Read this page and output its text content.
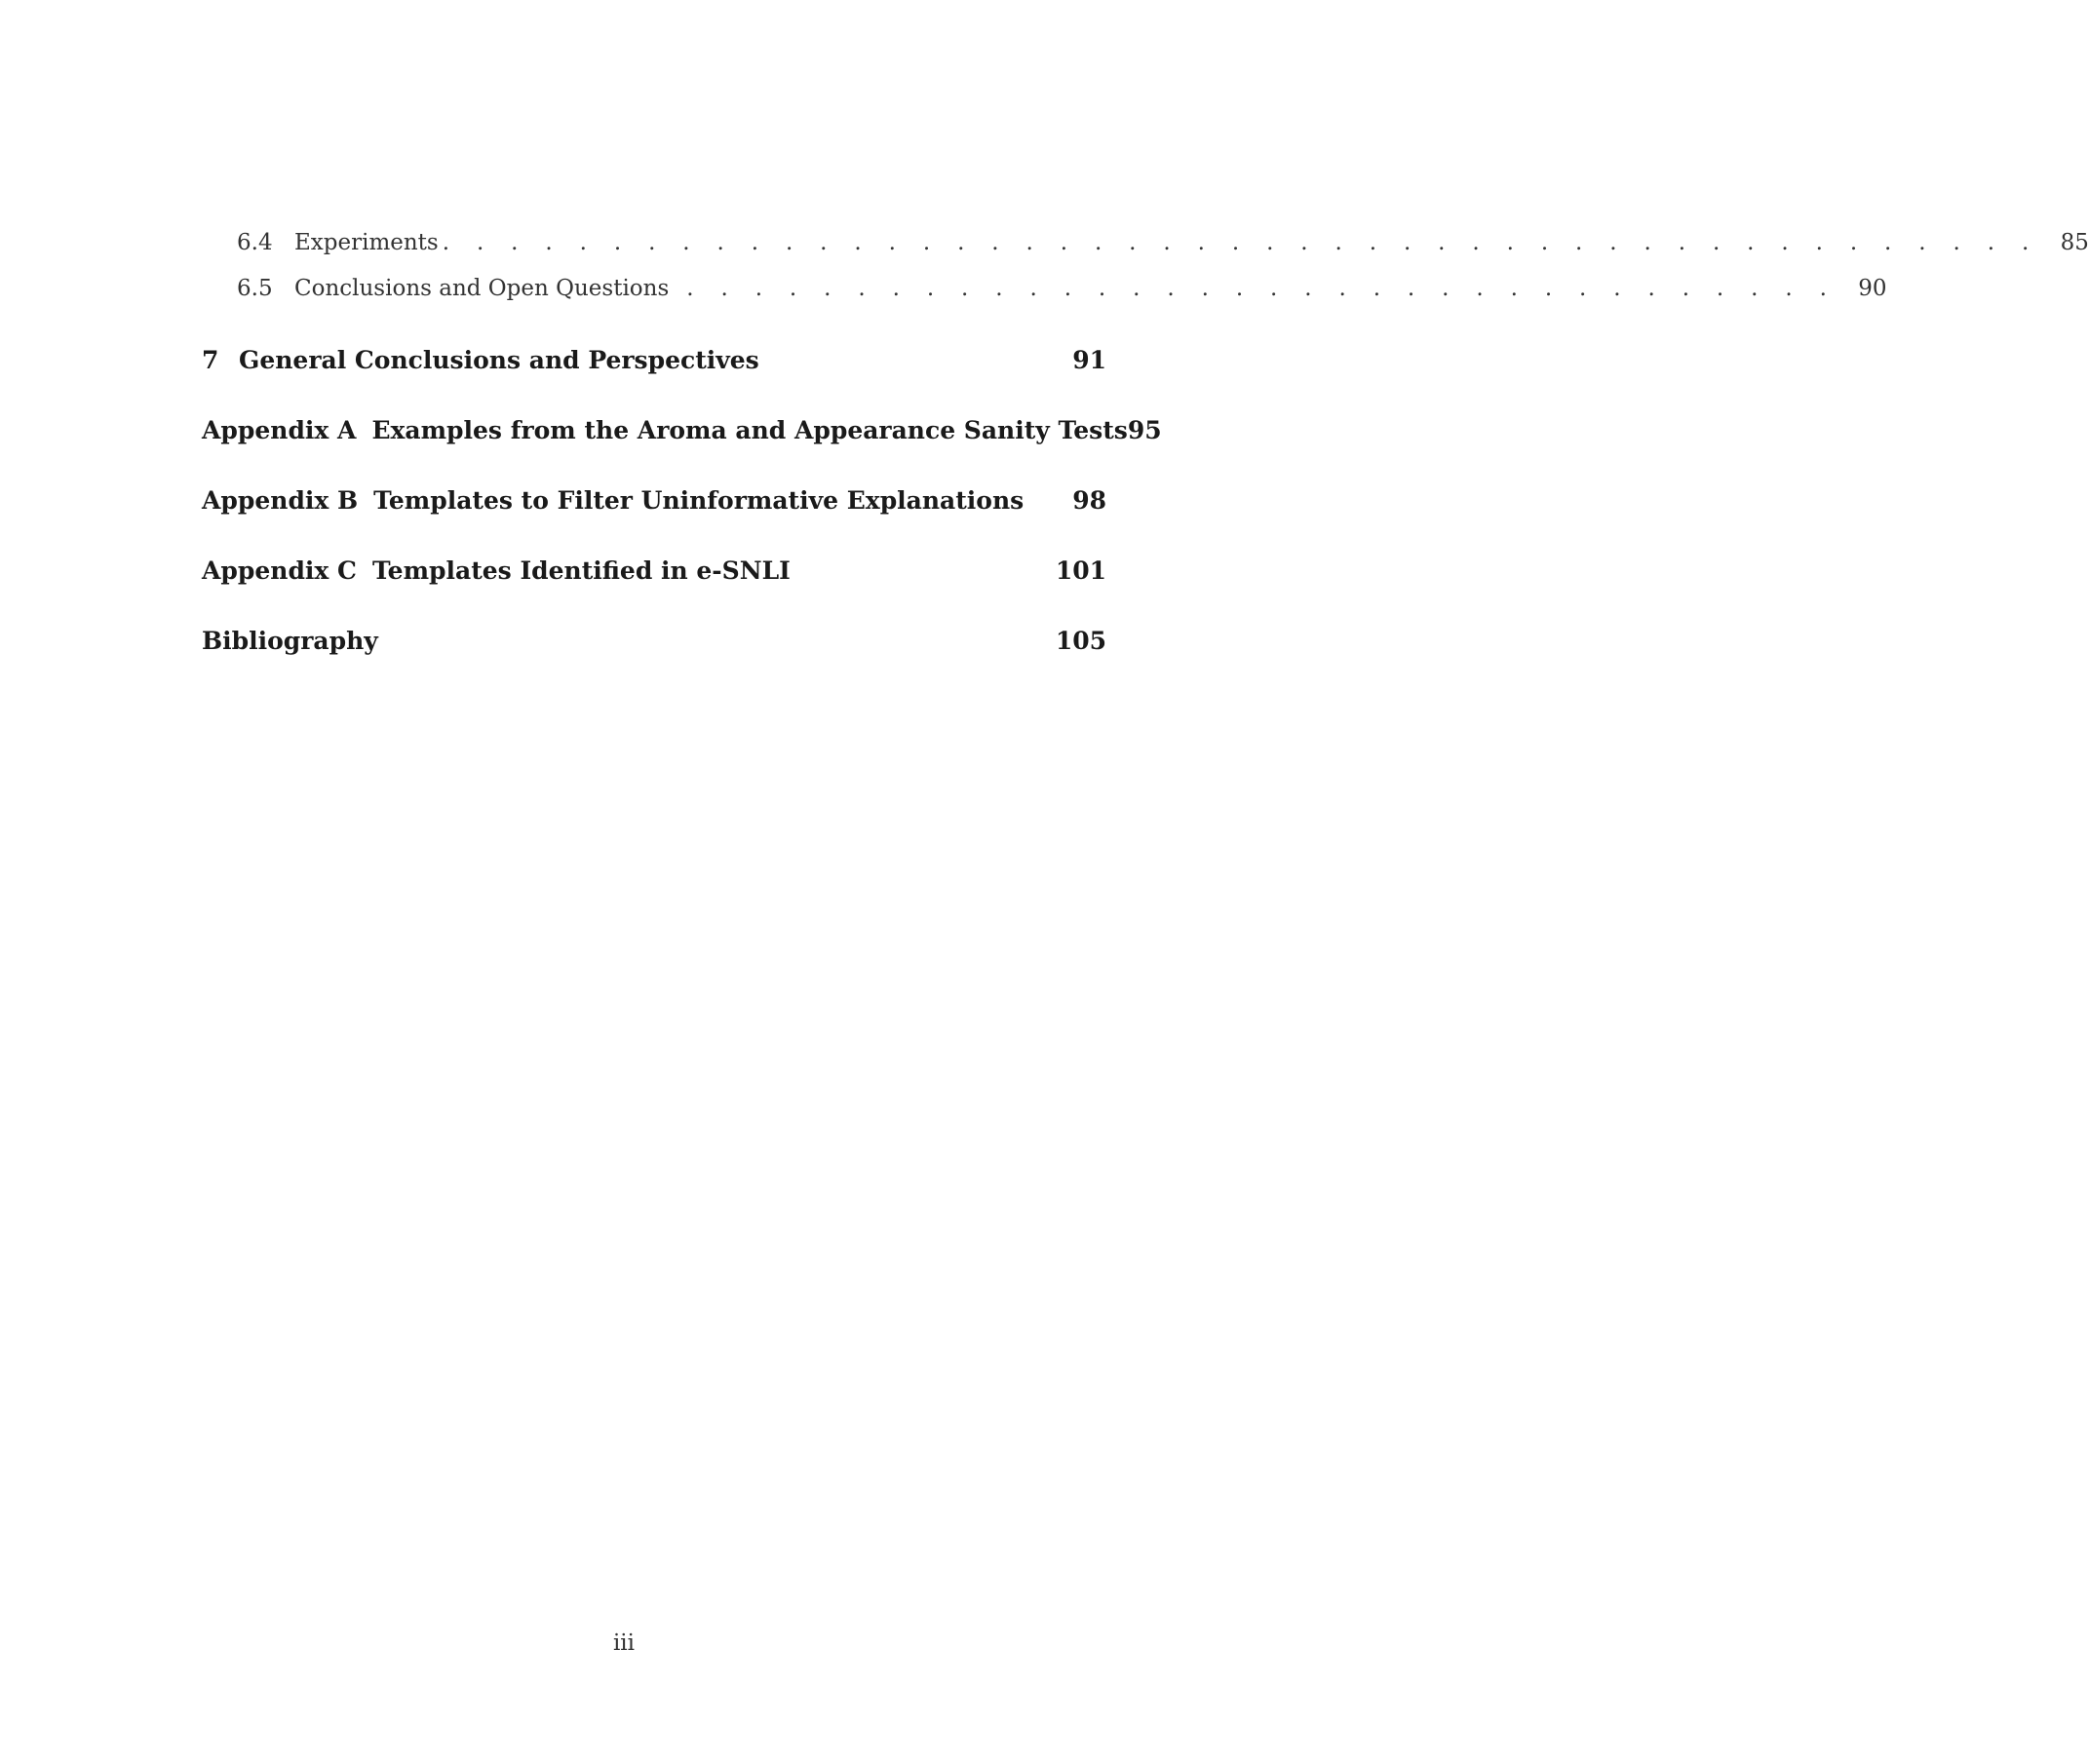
6.4 Experiments . . . . . . . . . . . . . . . . . . . . . . . . . . . . . . . . . . . . . . . . . . . . . . . 85
6.5 Conclusions and Open Questions . . . . . . . . . . . . . . . . . . . . . . . . . . . . . . . . . . 90
7 General Conclusions and Perspectives	91
Appendix A Examples from the Aroma and Appearance Sanity Tests 95
Appendix B Templates to Filter Uninformative Explanations	98
Appendix C Templates Identified in e-SNLI	101
Bibliography	105
iii
